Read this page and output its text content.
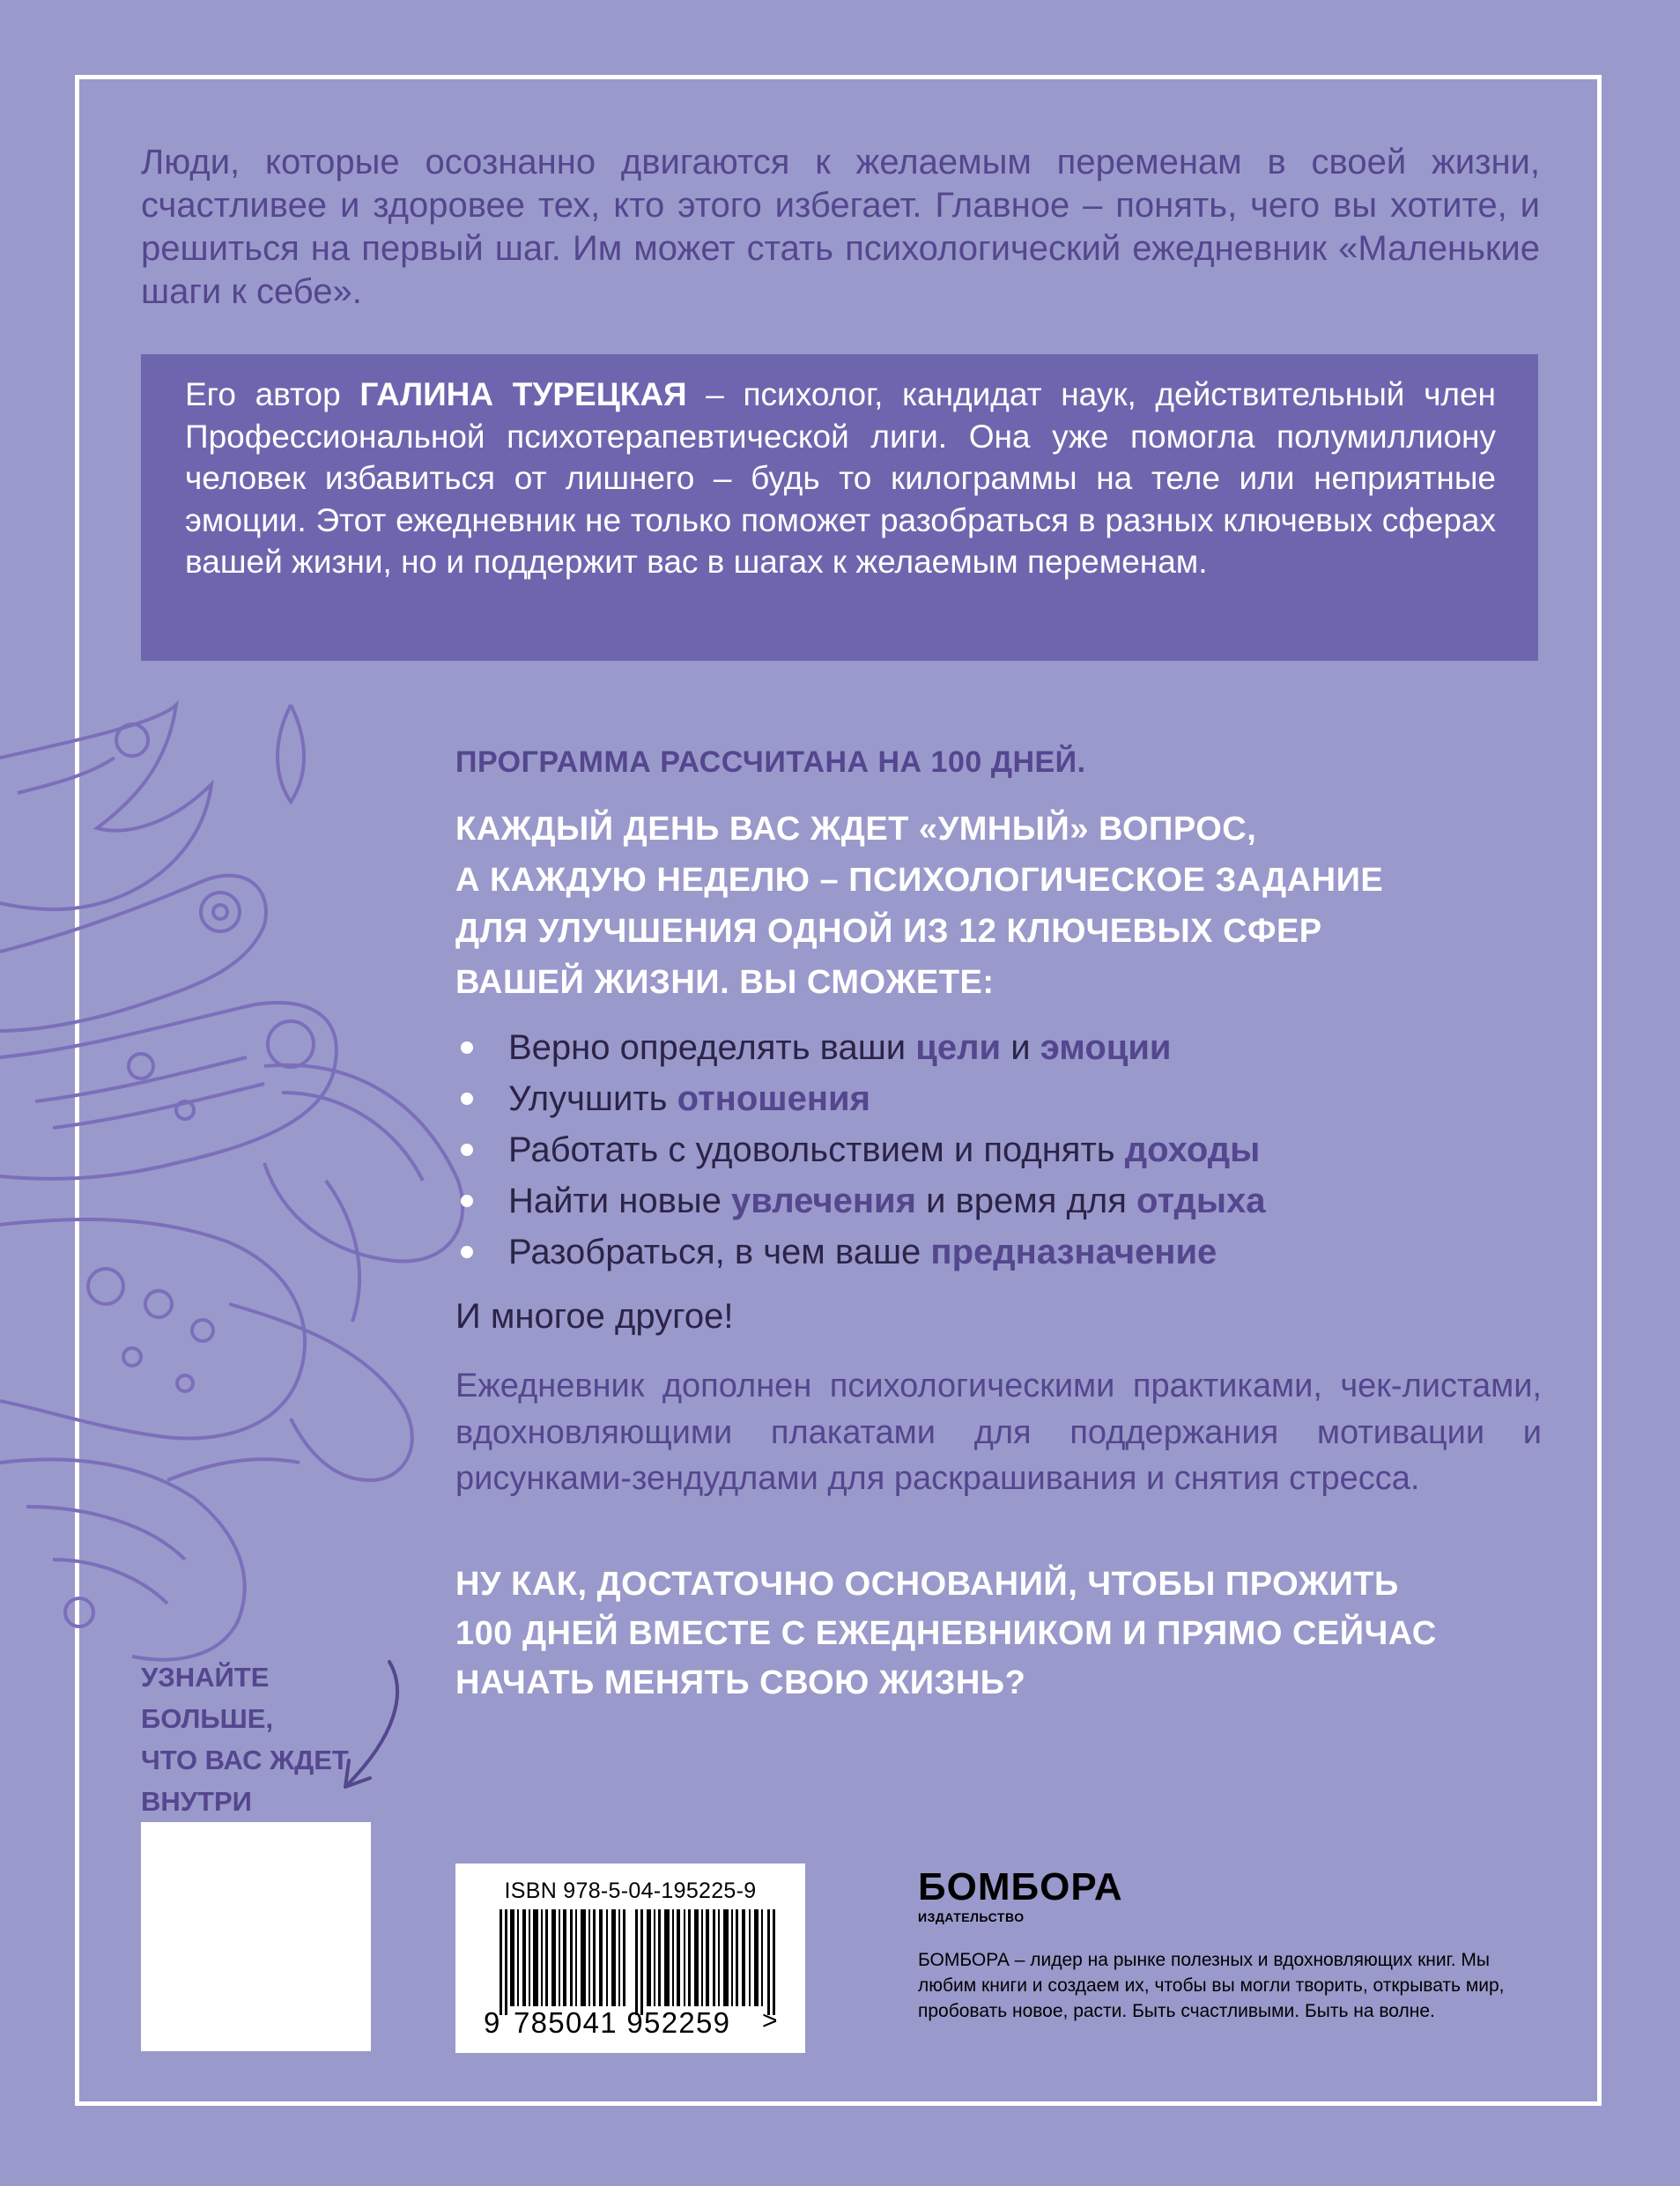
Люди, которые осознанно двигаются к желаемым переменам в своей жизни, счастливее и здоровее тех, кто этого избегает. Главное – понять, чего вы хотите, и решиться на первый шаг. Им может стать психологический ежедневник «Маленькие шаги к себе».

Его автор ГАЛИНА ТУРЕЦКАЯ – психолог, кандидат наук, действительный член Профессиональной психотерапевтической лиги. Она уже помогла полумиллиону человек избавиться от лишнего – будь то килограммы на теле или неприятные эмоции. Этот ежедневник не только поможет разобраться в разных ключевых сферах вашей жизни, но и поддержит вас в шагах к желаемым переменам.

ПРОГРАММА РАССЧИТАНА НА 100 ДНЕЙ.

КАЖДЫЙ ДЕНЬ ВАС ЖДЕТ «УМНЫЙ» ВОПРОС,
А КАЖДУЮ НЕДЕЛЮ – ПСИХОЛОГИЧЕСКОЕ ЗАДАНИЕ
ДЛЯ УЛУЧШЕНИЯ ОДНОЙ ИЗ 12 КЛЮЧЕВЫХ СФЕР
ВАШЕЙ ЖИЗНИ. ВЫ СМОЖЕТЕ:
Верно определять ваши цели и эмоции
Улучшить отношения
Работать с удовольствием и поднять доходы
Найти новые увлечения и время для отдыха
Разобраться, в чем ваше предназначение

И многое другое!

Ежедневник дополнен психологическими практиками, чек-листами, вдохновляющими плакатами для поддержания мотивации и рисунками-зендудлами для раскрашивания и снятия стресса.

НУ КАК, ДОСТАТОЧНО ОСНОВАНИЙ, ЧТОБЫ ПРОЖИТЬ
100 ДНЕЙ ВМЕСТЕ С ЕЖЕДНЕВНИКОМ И ПРЯМО СЕЙЧАС
НАЧАТЬ МЕНЯТЬ СВОЮ ЖИЗНЬ?
УЗНАЙТЕ БОЛЬШЕ,
ЧТО ВАС ЖДЕТ
ВНУТРИ
ISBN 978-5-04-195225-9
9 785041 952259 >

БОМБОРА

ИЗДАТЕЛЬСТВО

БОМБОРА – лидер на рынке полезных и вдохновляющих книг. Мы любим книги и создаем их, чтобы вы могли творить, открывать мир, пробовать новое, расти. Быть счастливыми. Быть на волне.
